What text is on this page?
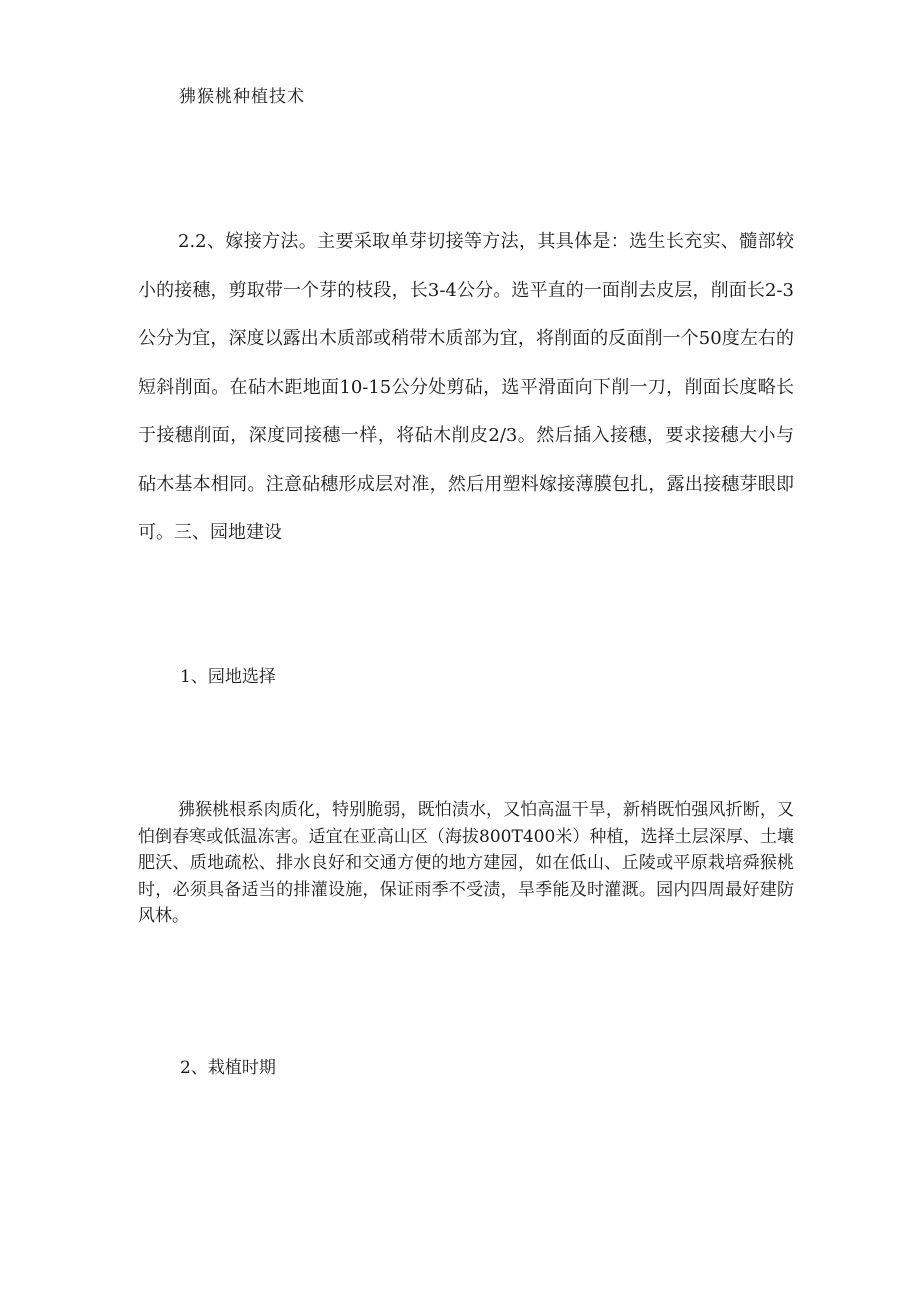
狒猴桃种植技术

2.2、嫁接方法。主要采取单芽切接等方法，其具体是：选生长充实、髓部较小的接穗，剪取带一个芽的枝段，长3-4公分。选平直的一面削去皮层，削面长2-3公分为宜，深度以露出木质部或稍带木质部为宜，将削面的反面削一个50度左右的短斜削面。在砧木距地面10-15公分处剪砧，选平滑面向下削一刀，削面长度略长于接穗削面，深度同接穗一样，将砧木削皮2/3。然后插入接穗，要求接穗大小与砧木基本相同。注意砧穗形成层对准，然后用塑料嫁接薄膜包扎，露出接穗芽眼即可。三、园地建设

1、园地选择

狒猴桃根系肉质化，特别脆弱，既怕渍水，又怕高温干旱，新梢既怕强风折断，又怕倒春寒或低温冻害。适宜在亚高山区（海拔800T400米）种植，选择土层深厚、土壤肥沃、质地疏松、排水良好和交通方便的地方建园，如在低山、丘陵或平原栽培舜猴桃时，必须具备适当的排灌设施，保证雨季不受渍，旱季能及时灌溉。园内四周最好建防风林。

2、栽植时期
